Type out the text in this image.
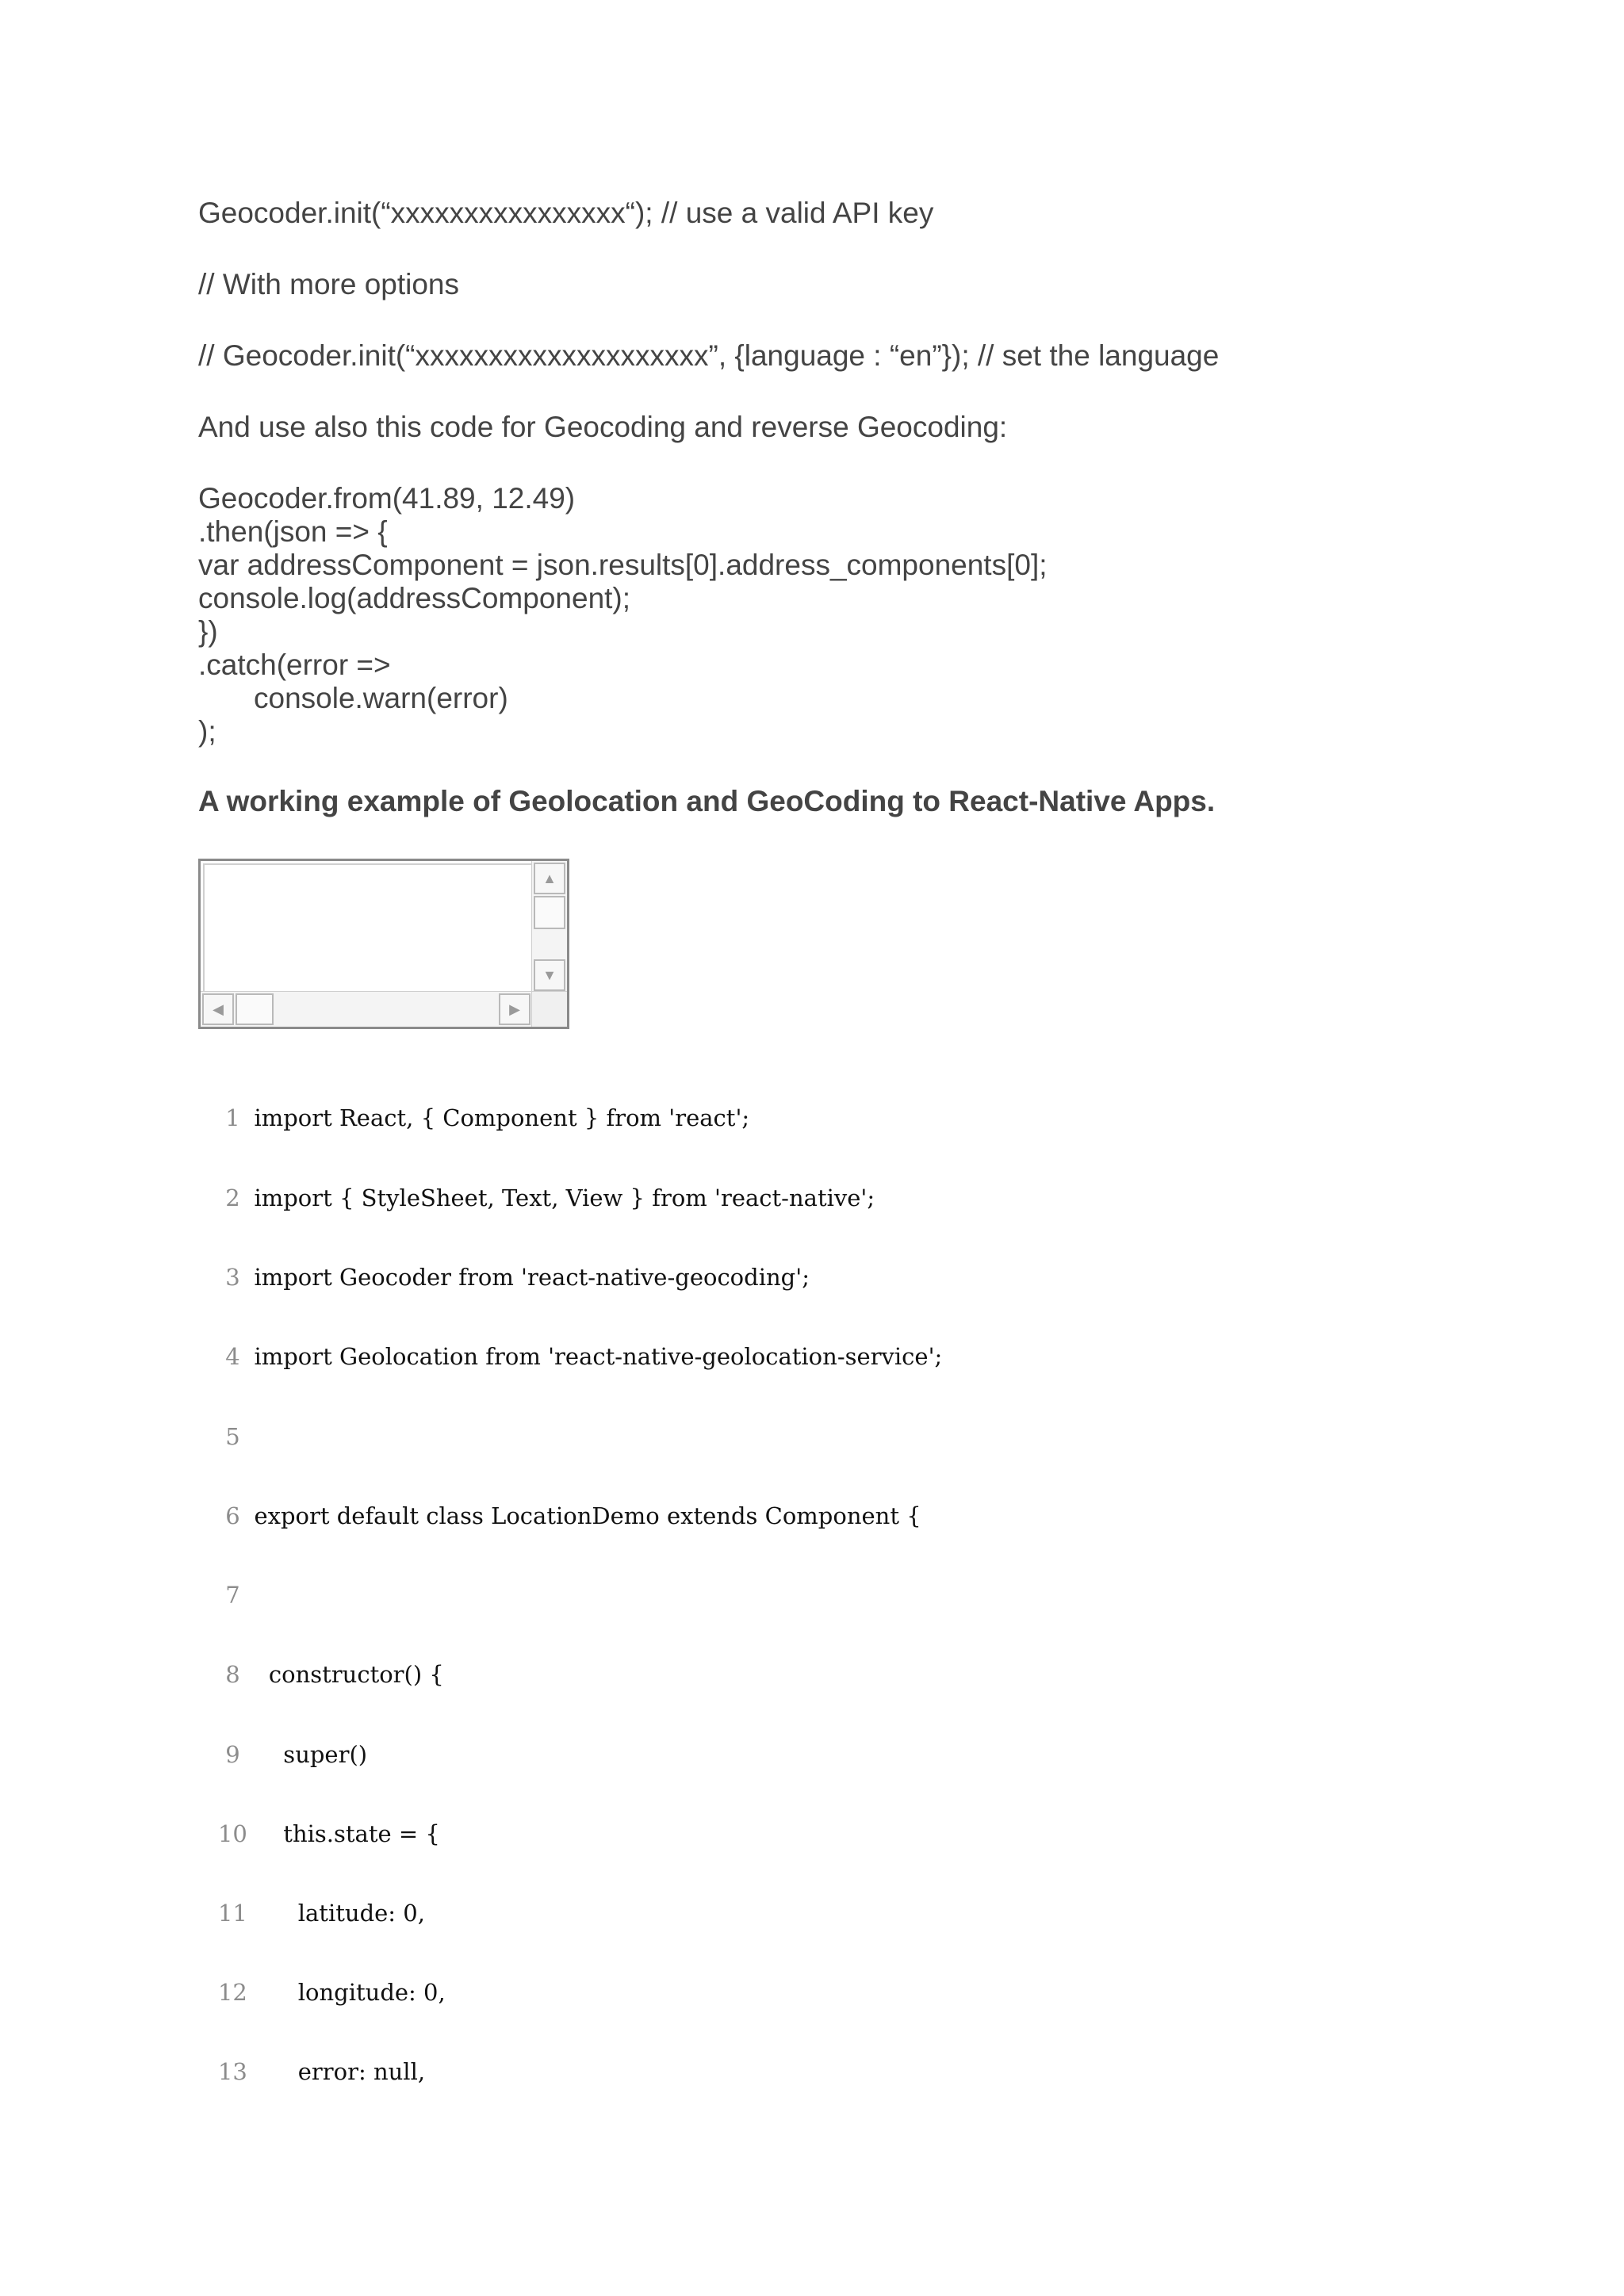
Geocoder.init(“xxxxxxxxxxxxxxxx“); // use a valid API key
// With more options
// Geocoder.init(“xxxxxxxxxxxxxxxxxxxx”, {language : “en”}); // set the language
And use also this code for Geocoding and reverse Geocoding:
Geocoder.from(41.89, 12.49)
.then(json => {
var addressComponent = json.results[0].address_components[0];
console.log(addressComponent);
})
.catch(error =>
console.warn(error)
);
A working example of Geolocation and GeoCoding to React-Native Apps.
▲
▼
◀	▶

1 import React, { Component } from 'react';

2 import { StyleSheet, Text, View } from 'react-native';

3 import Geocoder from 'react-native-geocoding';

4 import Geolocation from 'react-native-geolocation-service';

5

6 export default class LocationDemo extends Component {

7

8  constructor() {

9    super()

10    this.state = {

11      latitude: 0,

12      longitude: 0,

13      error: null,
